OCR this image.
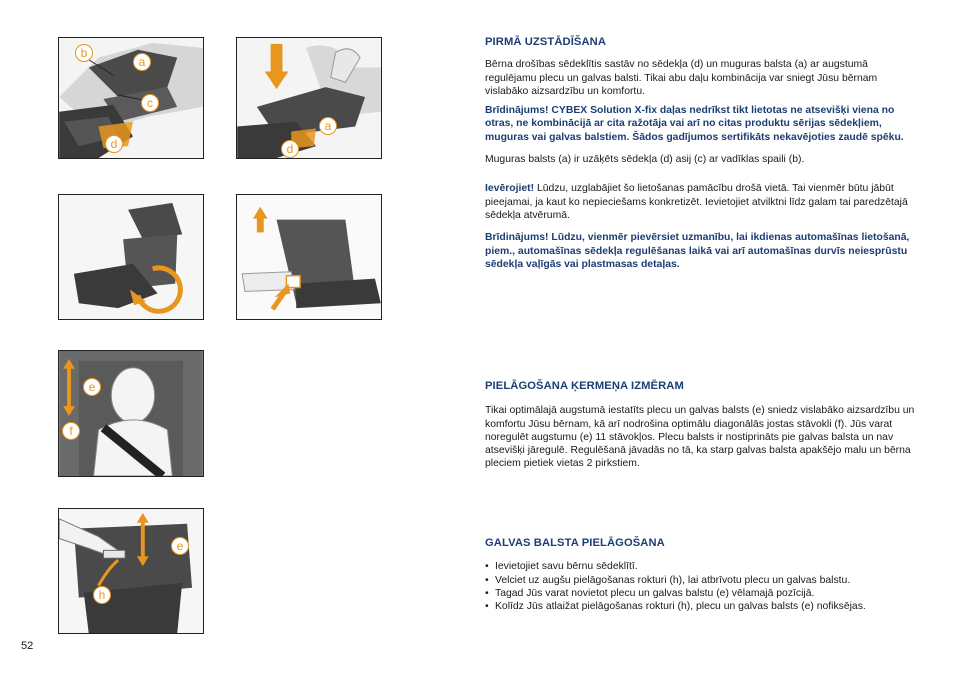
b
a
c
d
a
d
e
f
e
h

PIRMĀ UZSTĀDĪŠANA

Bērna drošības sēdeklītis sastāv no sēdekļa (d) un muguras balsta (a) ar augstumā regulējamu plecu un galvas balsti. Tikai abu daļu kombinācija var sniegt Jūsu bērnam vislabāko aizsardzību un komfortu.

Brīdinājums! CYBEX Solution X-fix daļas nedrīkst tikt lietotas ne atsevišķi viena no otras, ne kombinācijā ar cita ražotāja vai arī no citas produktu sērijas sēdekļiem, muguras vai galvas balstiem. Šādos gadījumos sertifikāts nekavējoties zaudē spēku.

Muguras balsts (a) ir uzāķēts sēdekļa (d) asij (c) ar vadīklas spaili (b).

Ievērojiet! Lūdzu, uzglabājiet šo lietošanas pamācību drošā vietā. Tai vienmēr būtu jābūt pieejamai, ja kaut ko nepieciešams konkretizēt. Ievietojiet atvilktni līdz galam tai paredzētajā sēdekļa atvērumā.

Brīdinājums! Lūdzu, vienmēr pievērsiet uzmanību, lai ikdienas automašīnas lietošanā, piem., automašīnas sēdekļa regulēšanas laikā vai arī automašīnas durvīs neiesprūstu sēdekļa vaļīgās vai plastmasas detaļas.

PIELĀGOŠANA ĶERMEŅA IZMĒRAM

Tikai optimālajā augstumā iestatīts plecu un galvas balsts (e) sniedz vislabāko aizsardzību un komfortu Jūsu bērnam, kā arī nodrošina optimālu diagonālās jostas stāvokli (f). Jūs varat noregulēt augstumu (e) 11 stāvokļos. Plecu balsts ir nostiprināts pie galvas balsta un nav atsevišķi jāregulē. Regulēšanā jāvadās no tā, ka starp galvas balsta apakšējo malu un bērna pleciem pietiek vietas 2 pirkstiem.

GALVAS BALSTA PIELĀGOŠANA

• Ievietojiet savu bērnu sēdeklītī.
• Velciet uz augšu pielāgošanas rokturi (h), lai atbrīvotu plecu un galvas balstu.
• Tagad Jūs varat novietot plecu un galvas balstu (e) vēlamajā pozīcijā.
• Kolīdz Jūs atlaižat pielāgošanas rokturi (h), plecu un galvas balsts (e) nofiksējas.
52
